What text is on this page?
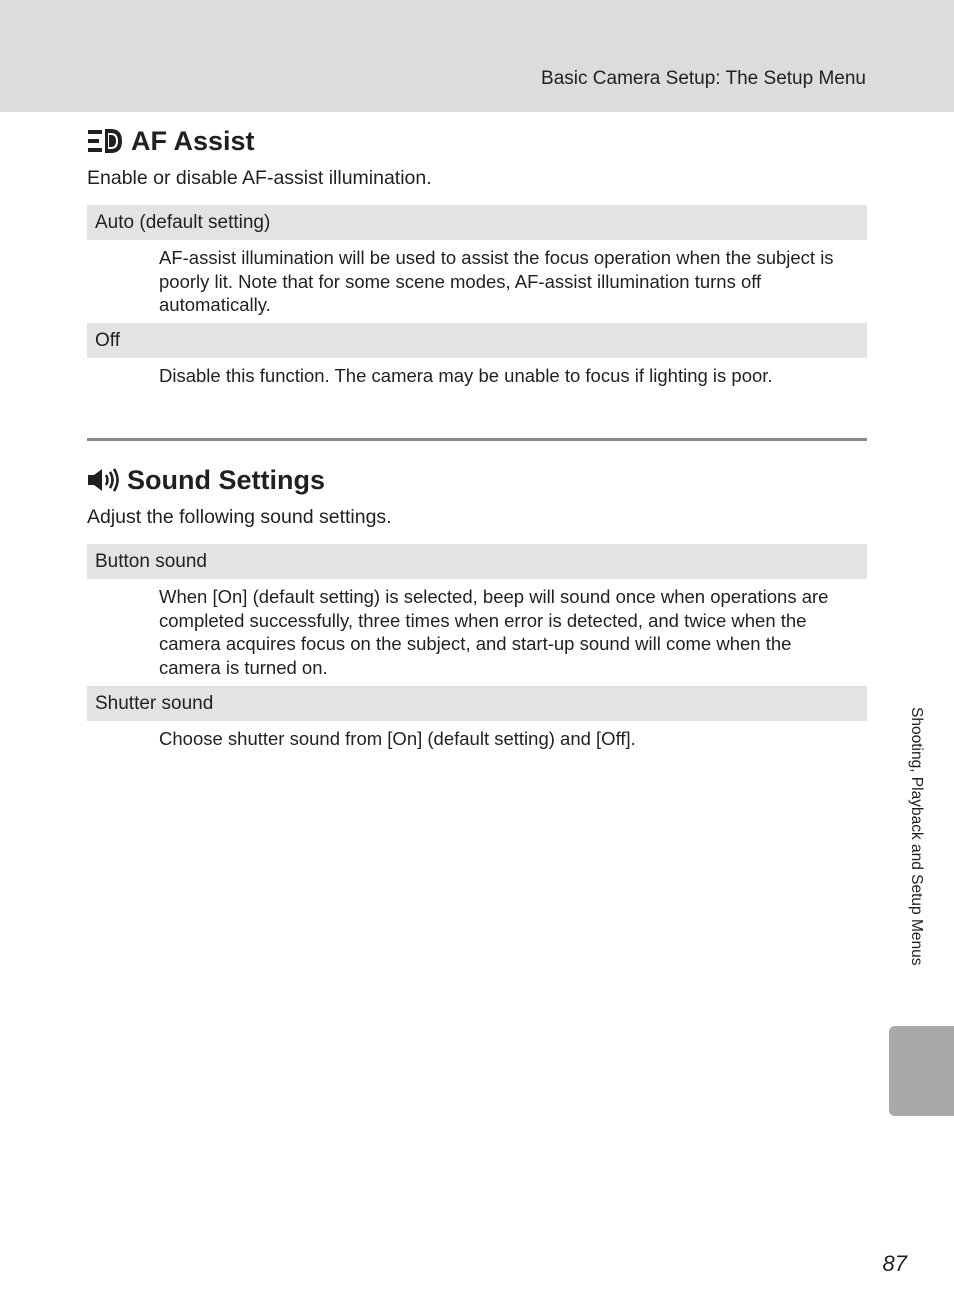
Basic Camera Setup: The Setup Menu
AF Assist
Enable or disable AF-assist illumination.
Auto (default setting)
AF-assist illumination will be used to assist the focus operation when the subject is poorly lit. Note that for some scene modes, AF-assist illumination turns off automatically.
Off
Disable this function. The camera may be unable to focus if lighting is poor.
Sound Settings
Adjust the following sound settings.
Button sound
When [On] (default setting) is selected, beep will sound once when operations are completed successfully, three times when error is detected, and twice when the camera acquires focus on the subject, and start-up sound will come when the camera is turned on.
Shutter sound
Choose shutter sound from [On] (default setting) and [Off].	Shooting, Playback and Setup Menus
87
